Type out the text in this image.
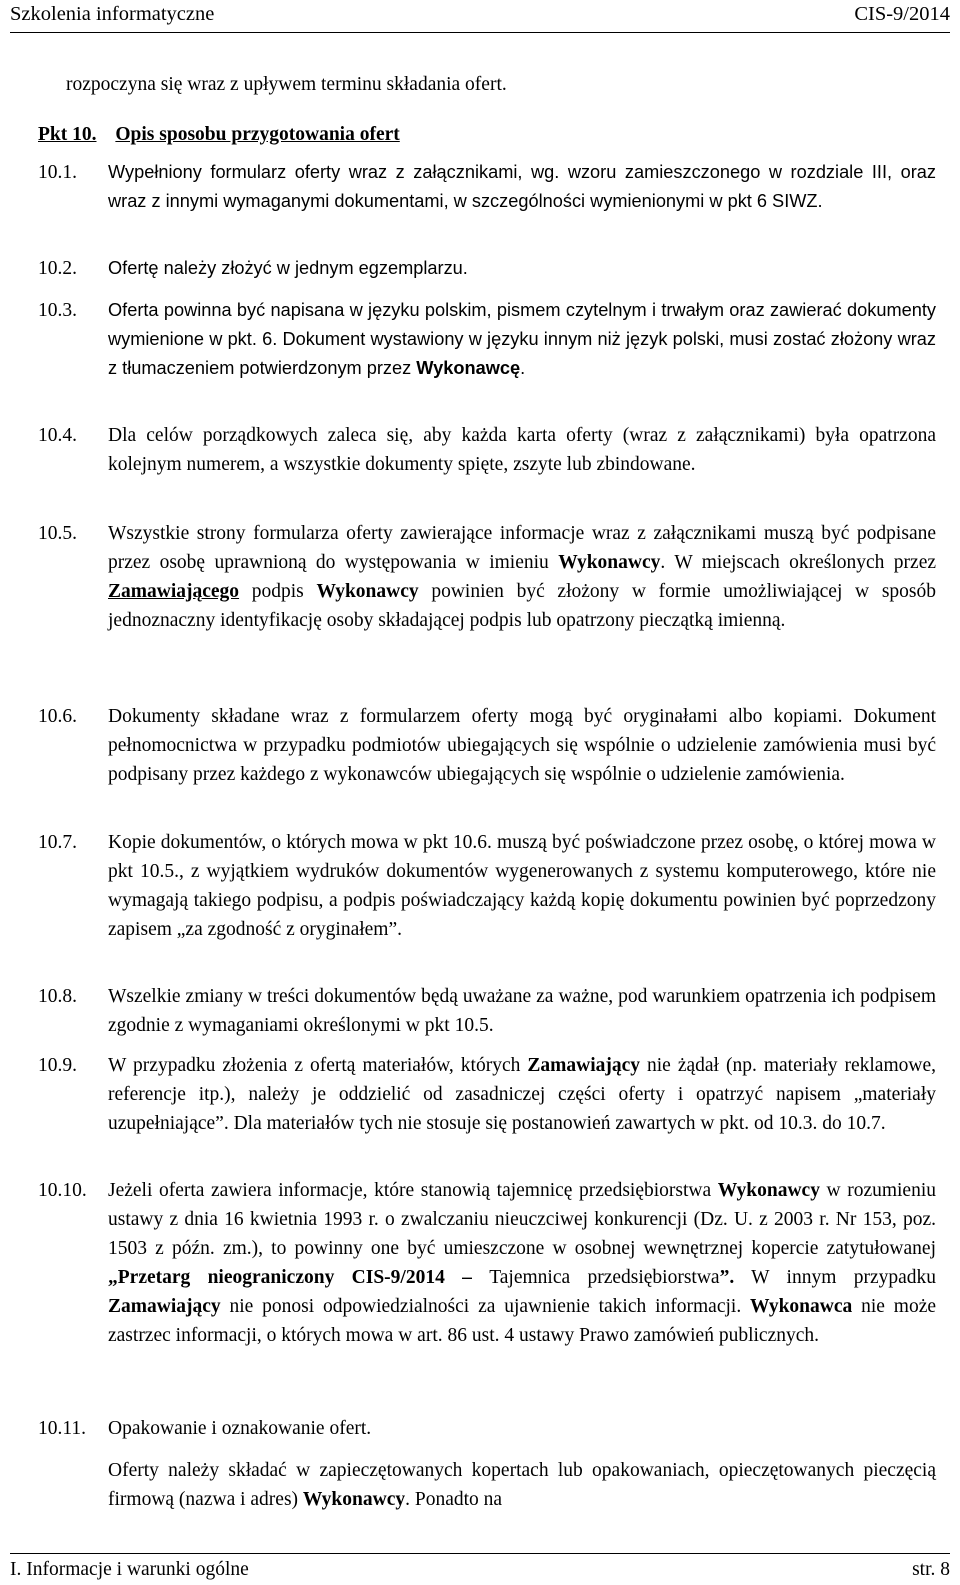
Szkolenia informatyczne	CIS-9/2014
rozpoczyna się wraz z upływem terminu składania ofert.
Pkt 10. Opis sposobu przygotowania ofert
10.1. Wypełniony formularz oferty wraz z załącznikami, wg. wzoru zamieszczonego w rozdziale III, oraz wraz z innymi wymaganymi dokumentami, w szczególności wymienionymi w pkt 6 SIWZ.
10.2. Ofertę należy złożyć w jednym egzemplarzu.
10.3. Oferta powinna być napisana w języku polskim, pismem czytelnym i trwałym oraz zawierać dokumenty wymienione w pkt. 6. Dokument wystawiony w języku innym niż język polski, musi zostać złożony wraz z tłumaczeniem potwierdzonym przez Wykonawcę.
10.4. Dla celów porządkowych zaleca się, aby każda karta oferty (wraz z załącznikami) była opatrzona kolejnym numerem, a wszystkie dokumenty spięte, zszyte lub zbindowane.
10.5. Wszystkie strony formularza oferty zawierające informacje wraz z załącznikami muszą być podpisane przez osobę uprawnioną do występowania w imieniu Wykonawcy. W miejscach określonych przez Zamawiającego podpis Wykonawcy powinien być złożony w formie umożliwiającej w sposób jednoznaczny identyfikację osoby składającej podpis lub opatrzony pieczątką imienną.
10.6. Dokumenty składane wraz z formularzem oferty mogą być oryginałami albo kopiami. Dokument pełnomocnictwa w przypadku podmiotów ubiegających się wspólnie o udzielenie zamówienia musi być podpisany przez każdego z wykonawców ubiegających się wspólnie o udzielenie zamówienia.
10.7. Kopie dokumentów, o których mowa w pkt 10.6. muszą być poświadczone przez osobę, o której mowa w pkt 10.5., z wyjątkiem wydruków dokumentów wygenerowanych z systemu komputerowego, które nie wymagają takiego podpisu, a podpis poświadczający każdą kopię dokumentu powinien być poprzedzony zapisem „za zgodność z oryginałem”.
10.8. Wszelkie zmiany w treści dokumentów będą uważane za ważne, pod warunkiem opatrzenia ich podpisem zgodnie z wymaganiami określonymi w pkt 10.5.
10.9. W przypadku złożenia z ofertą materiałów, których Zamawiający nie żądał (np. materiały reklamowe, referencje itp.), należy je oddzielić od zasadniczej części oferty i opatrzyć napisem „materiały uzupełniające”. Dla materiałów tych nie stosuje się postanowień zawartych w pkt. od 10.3. do 10.7.
10.10. Jeżeli oferta zawiera informacje, które stanowią tajemnicę przedsiębiorstwa Wykonawcy w rozumieniu ustawy z dnia 16 kwietnia 1993 r. o zwalczaniu nieuczciwej konkurencji (Dz. U. z 2003 r. Nr 153, poz. 1503 z późn. zm.), to powinny one być umieszczone w osobnej wewnętrznej kopercie zatytułowanej „Przetarg nieograniczony CIS-9/2014 – Tajemnica przedsiębiorstwa”. W innym przypadku Zamawiający nie ponosi odpowiedzialności za ujawnienie takich informacji. Wykonawca nie może zastrzec informacji, o których mowa w art. 86 ust. 4 ustawy Prawo zamówień publicznych.
10.11. Opakowanie i oznakowanie ofert.
Oferty należy składać w zapieczętowanych kopertach lub opakowaniach, opieczętowanych pieczęcią firmową (nazwa i adres) Wykonawcy. Ponadto na
I. Informacje i warunki ogólne	str. 8
